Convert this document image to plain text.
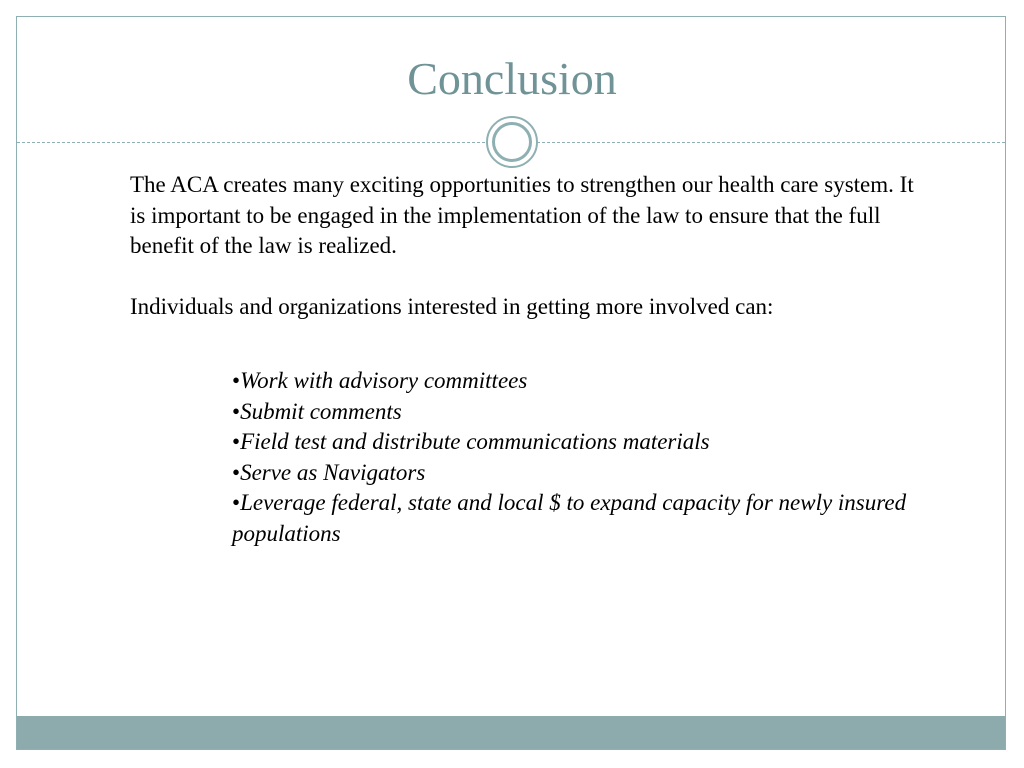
Conclusion

The ACA creates many exciting opportunities to strengthen our health care system. It is important to be engaged in the implementation of the law to ensure that the full benefit of the law is realized.

Individuals and organizations interested in getting more involved can:

•Work with advisory committees
•Submit comments
•Field test and distribute communications materials
•Serve as Navigators
•Leverage federal, state and local $ to expand capacity for newly insured populations
